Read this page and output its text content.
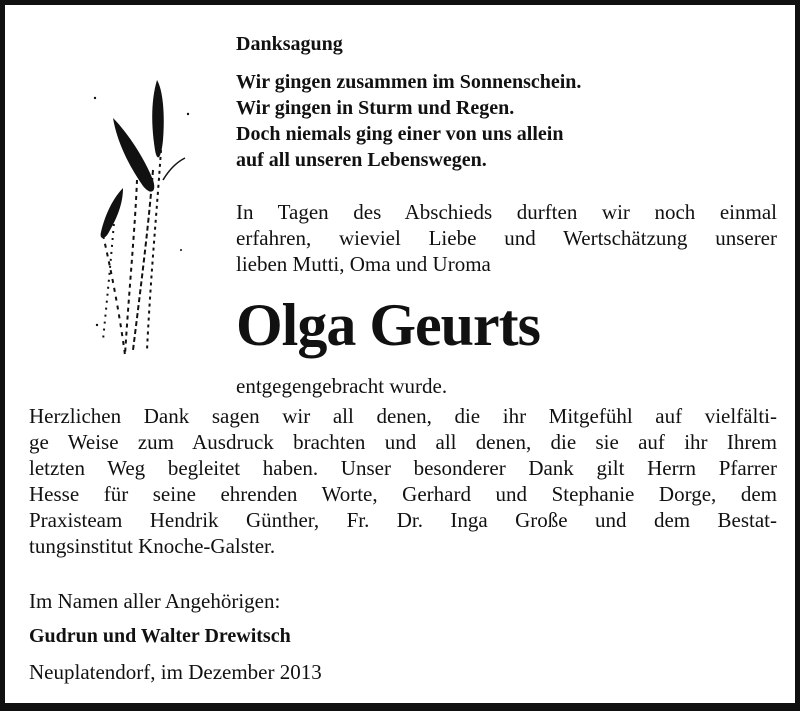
Danksagung
Wir gingen zusammen im Sonnenschein.
Wir gingen in Sturm und Regen.
Doch niemals ging einer von uns allein
auf all unseren Lebenswegen.
In Tagen des Abschieds durften wir noch einmal
erfahren, wieviel Liebe und Wertschätzung unserer
lieben Mutti, Oma und Uroma
Olga Geurts
entgegengebracht wurde.
Herzlichen Dank sagen wir all denen, die ihr Mitgefühl auf vielfälti-
ge Weise zum Ausdruck brachten und all denen, die sie auf ihr Ihrem
letzten Weg begleitet haben. Unser besonderer Dank gilt Herrn Pfarrer
Hesse für seine ehrenden Worte, Gerhard und Stephanie Dorge, dem
Praxisteam Hendrik Günther, Fr. Dr. Inga Große und dem Bestat-
tungsinstitut Knoche-Galster.
Im Namen aller Angehörigen:
Gudrun und Walter Drewitsch
Neuplatendorf, im Dezember 2013
